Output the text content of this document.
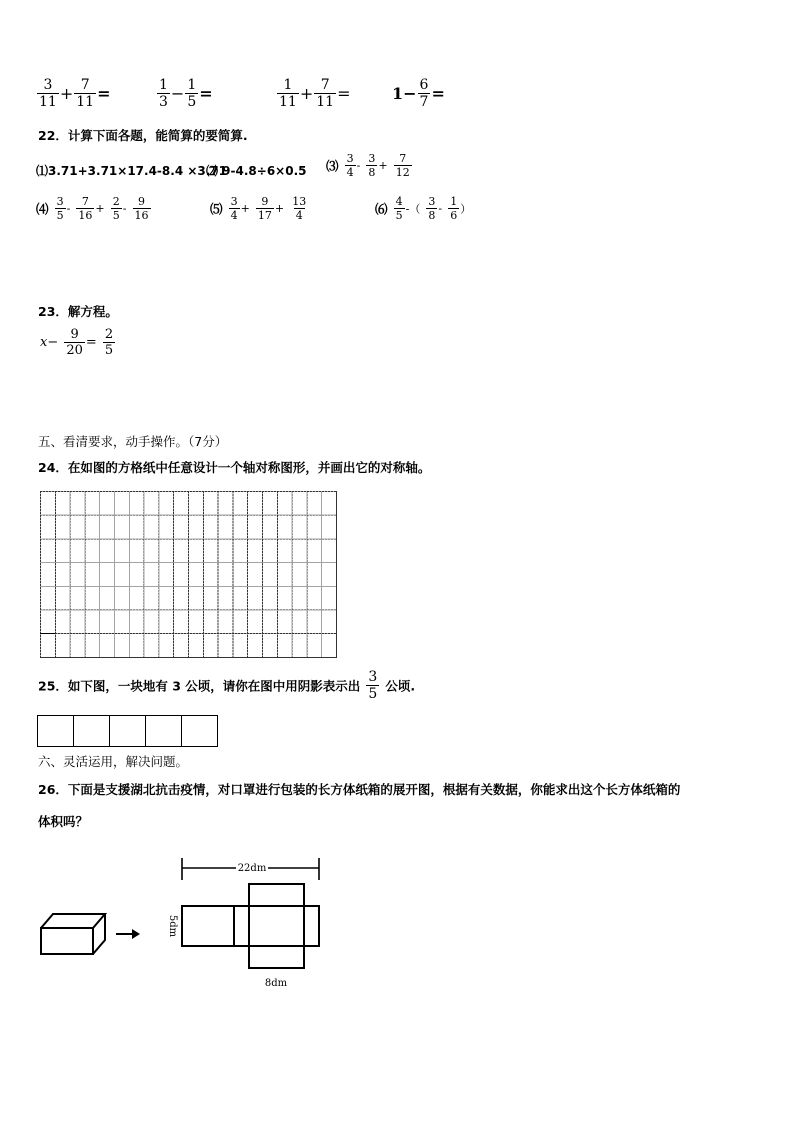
$\frac{3}{11} + \frac{7}{11}$ =	$\frac{1}{3} - \frac{1}{5}$ =	$\frac{1}{11} + \frac{7}{11}$ =	$1- \frac{6}{7}$ =
22．计算下面各题，能简算的要简算.
⑴3.71+3.71×17.4-8.4 ×3.71
⑵ 9-4.8÷6×0.5 ⑶ $\frac{3}{4} - \frac{3}{8} + \frac{7}{12}$
⑷ $\frac{3}{5} - \frac{7}{16} + \frac{2}{5} - \frac{9}{16}$	⑸ $\frac{3}{4} + \frac{9}{17} + \frac{13}{4}$	⑹ $\frac{4}{5}$ -（ $\frac{3}{8} - \frac{1}{6}$ ）
23．解方程。
$x- \frac{9}{20} = \frac{2}{5}$
五、看清要求，动手操作。（7分）
24．在如图的方格纸中任意设计一个轴对称图形，并画出它的对称轴。
25．如下图，一块地有 3 公顷，请你在图中用阴影表示出 $\frac{3}{5}$ 公顷.
六、灵活运用，解决问题。
26．下面是支援湖北抗击疫情，对口罩进行包装的长方体纸箱的展开图，根据有关数据，你能求出这个长方体纸箱的
体积吗？
22dm
5dm
8dm
